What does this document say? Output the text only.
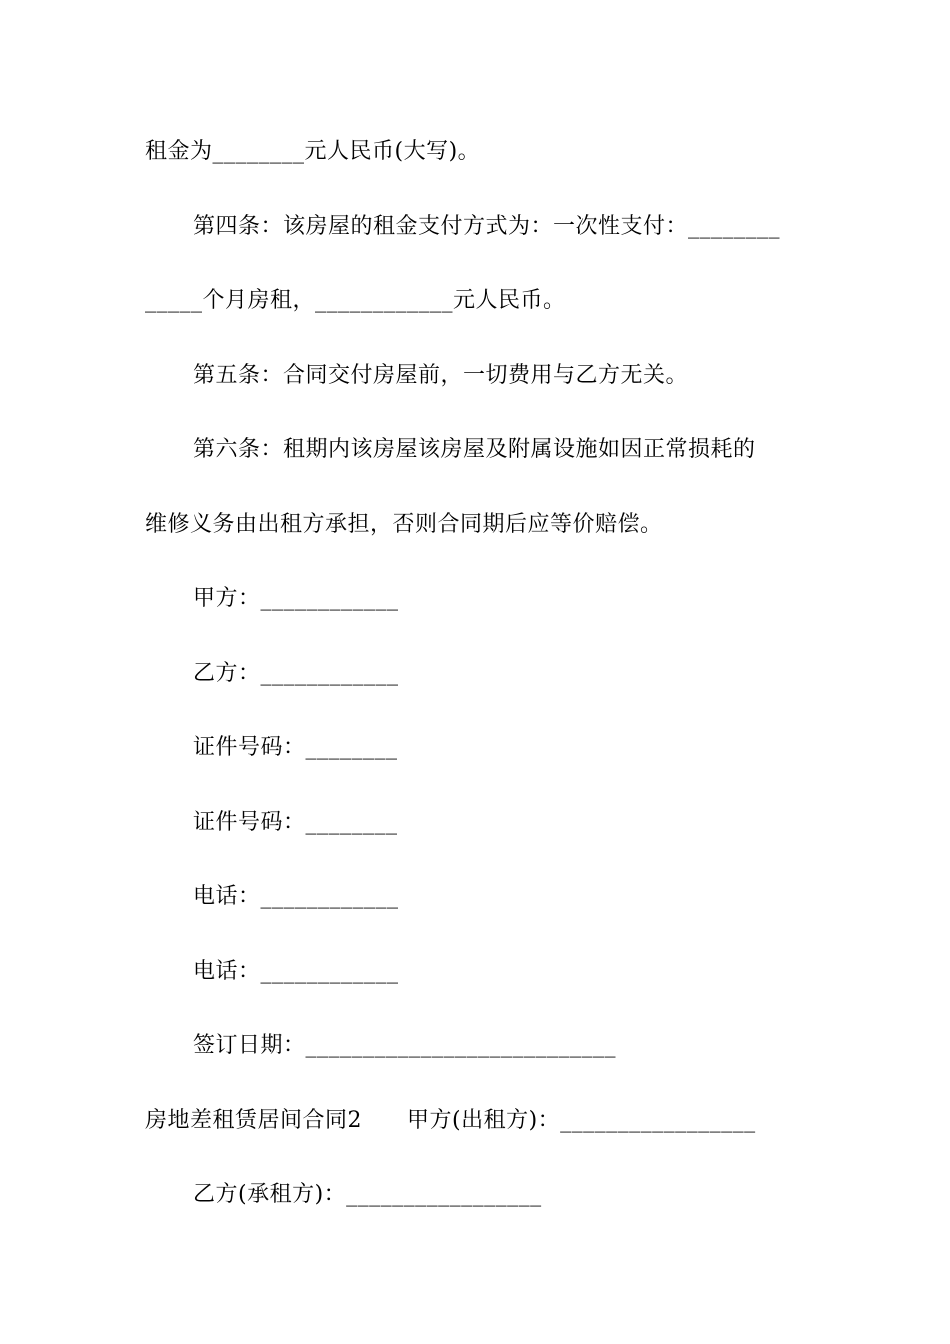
租金为________元人民币(大写)。
第四条：该房屋的租金支付方式为：一次性支付：________
_____个月房租，____________元人民币。
第五条：合同交付房屋前，一切费用与乙方无关。
第六条：租期内该房屋该房屋及附属设施如因正常损耗的
维修义务由出租方承担，否则合同期后应等价赔偿。
甲方：____________
乙方：____________
证件号码：________
证件号码：________
电话：____________
电话：____________
签订日期：___________________________
房地差租赁居间合同2　　甲方(出租方)：_________________
乙方(承租方)：_________________
